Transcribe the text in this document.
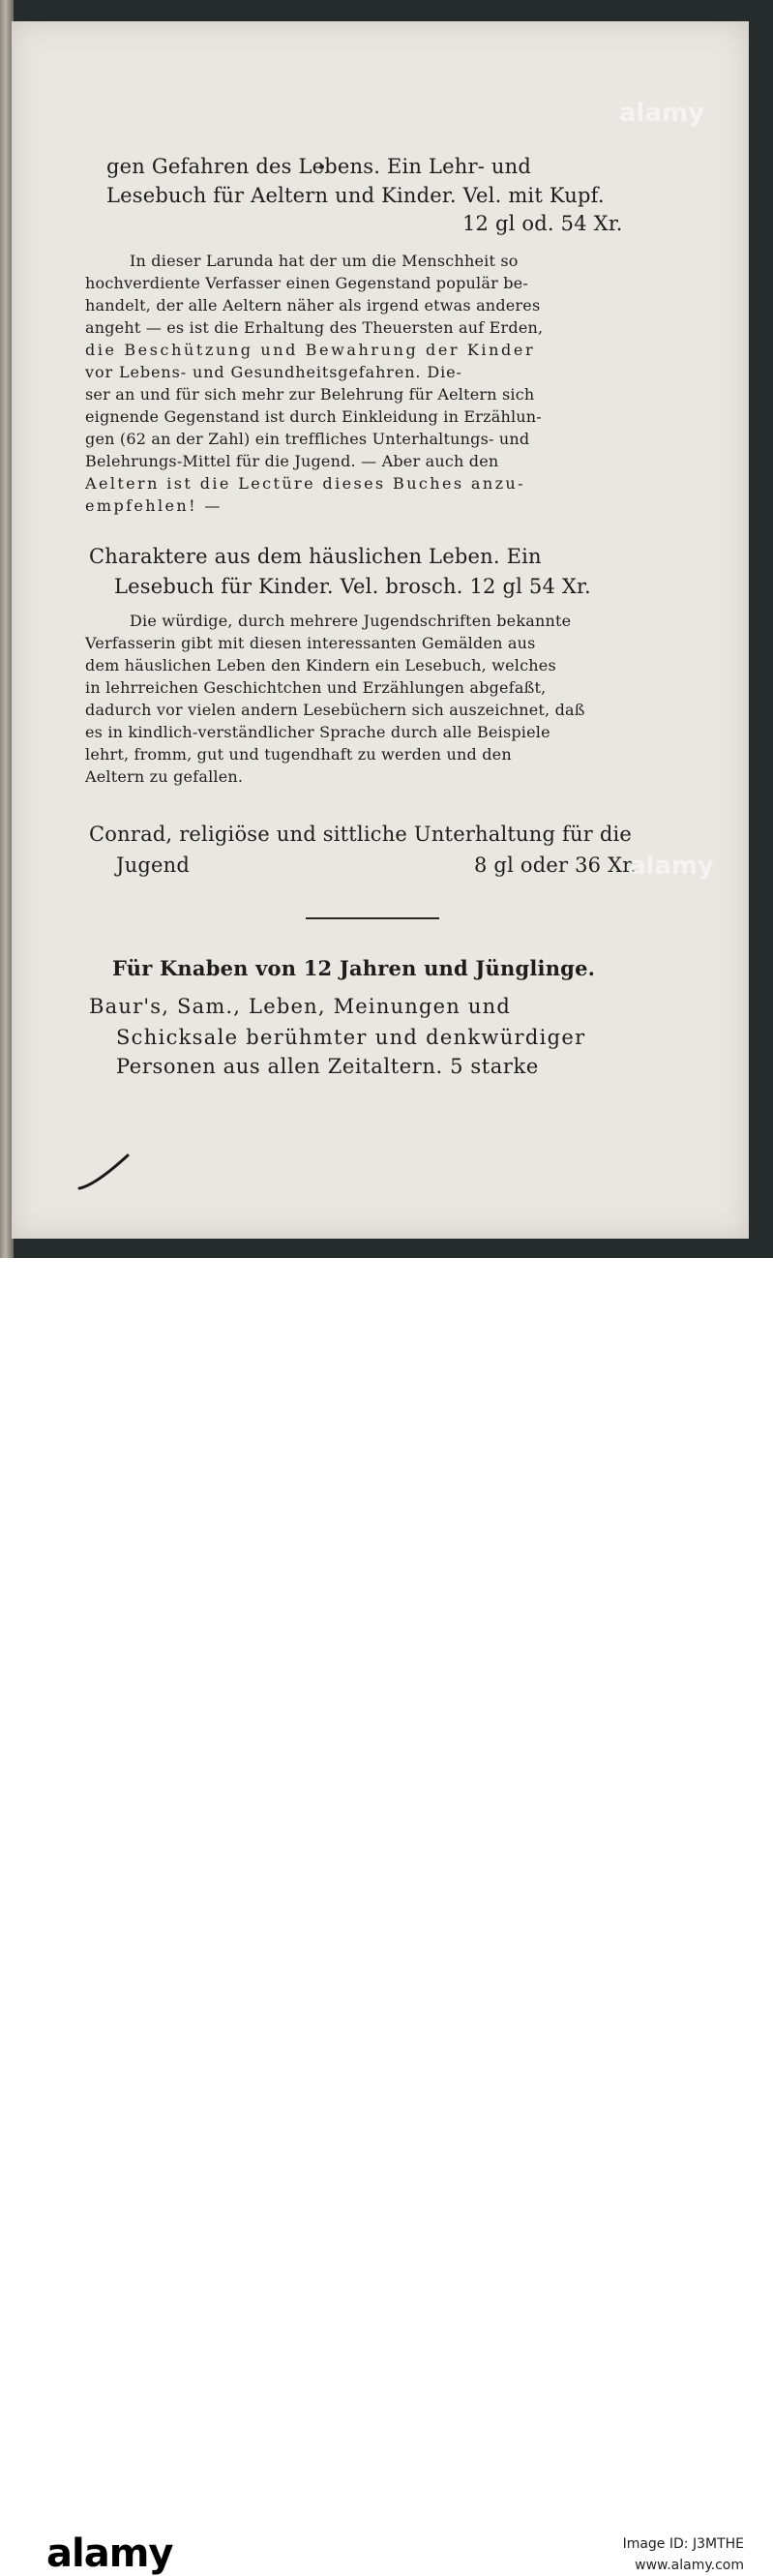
gen Gefahren des Lebens. Ein Lehr- und
Lesebuch für Aeltern und Kinder. Vel. mit Kupf.
12 gl od. 54 Xr.
In dieser Larunda hat der um die Menschheit so
hochverdiente Verfasser einen Gegenstand populär be-
handelt, der alle Aeltern näher als irgend etwas anderes
angeht — es ist die Erhaltung des Theuersten auf Erden,
die Beschützung und Bewahrung der Kinder
vor Lebens- und Gesundheitsgefahren. Die-
ser an und für sich mehr zur Belehrung für Aeltern sich
eignende Gegenstand ist durch Einkleidung in Erzählun-
gen (62 an der Zahl) ein treffliches Unterhaltungs- und
Belehrungs-Mittel für die Jugend. — Aber auch den
Aeltern ist die Lectüre dieses Buches anzu-
empfehlen! —
Charaktere aus dem häuslichen Leben. Ein
Lesebuch für Kinder. Vel. brosch. 12 gl 54 Xr.
Die würdige, durch mehrere Jugendschriften bekannte
Verfasserin gibt mit diesen interessanten Gemälden aus
dem häuslichen Leben den Kindern ein Lesebuch, welches
in lehrreichen Geschichtchen und Erzählungen abgefaßt,
dadurch vor vielen andern Lesebüchern sich auszeichnet, daß
es in kindlich-verständlicher Sprache durch alle Beispiele
lehrt, fromm, gut und tugendhaft zu werden und den
Aeltern zu gefallen.
Conrad, religiöse und sittliche Unterhaltung für die
Jugend	8 gl oder 36 Xr.
Für Knaben von 12 Jahren und Jünglinge.
Baur's, Sam., Leben, Meinungen und
Schicksale berühmter und denkwürdiger
Personen aus allen Zeitaltern. 5 starke
alamy
alamy
alamy	Image ID: J3MTHE
www.alamy.com
